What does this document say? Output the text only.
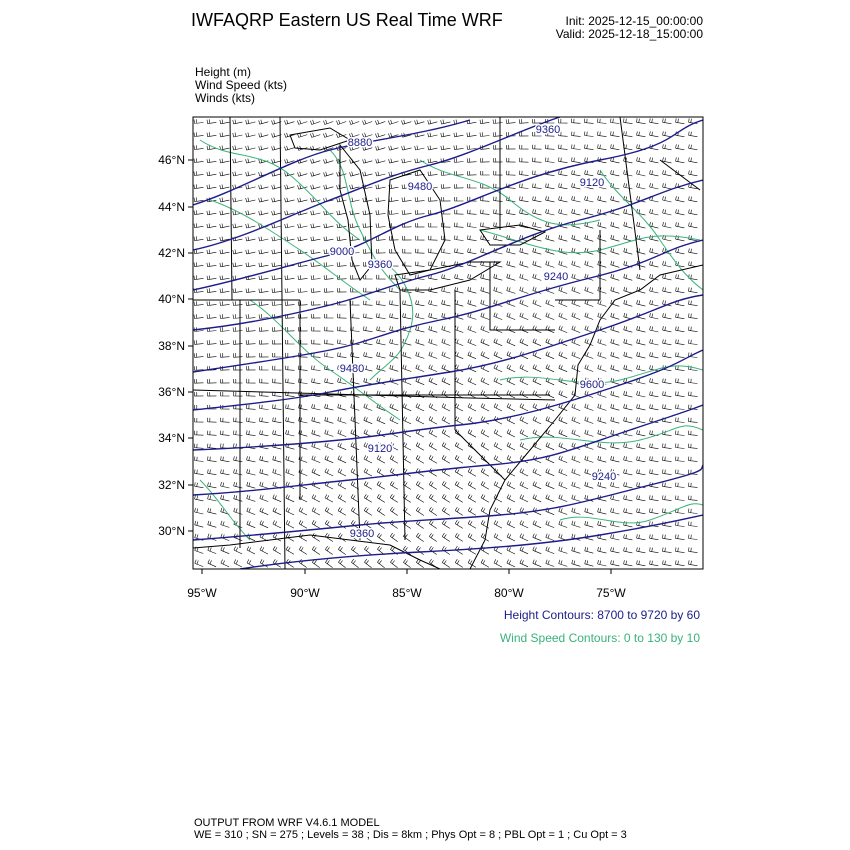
IWFAQRP Eastern US Real Time WRF	Init: 2025-12-15_00:00:00
Valid: 2025-12-18_15:00:00
Height (m)
Wind Speed (kts)
Winds (kts)
8880
9000
9120
9240
9360
9480
9600
9120
9240
9360
9360
9480
30°N
32°N
34°N
36°N
38°N
40°N
42°N
44°N
46°N
95°W	90°W	85°W	80°W	75°W
Height Contours: 8700 to 9720 by 60
Wind Speed Contours: 0 to 130 by 10
OUTPUT FROM WRF V4.6.1 MODEL
WE = 310 ; SN = 275 ; Levels = 38 ; Dis = 8km ; Phys Opt = 8 ; PBL Opt = 1 ; Cu Opt = 3
